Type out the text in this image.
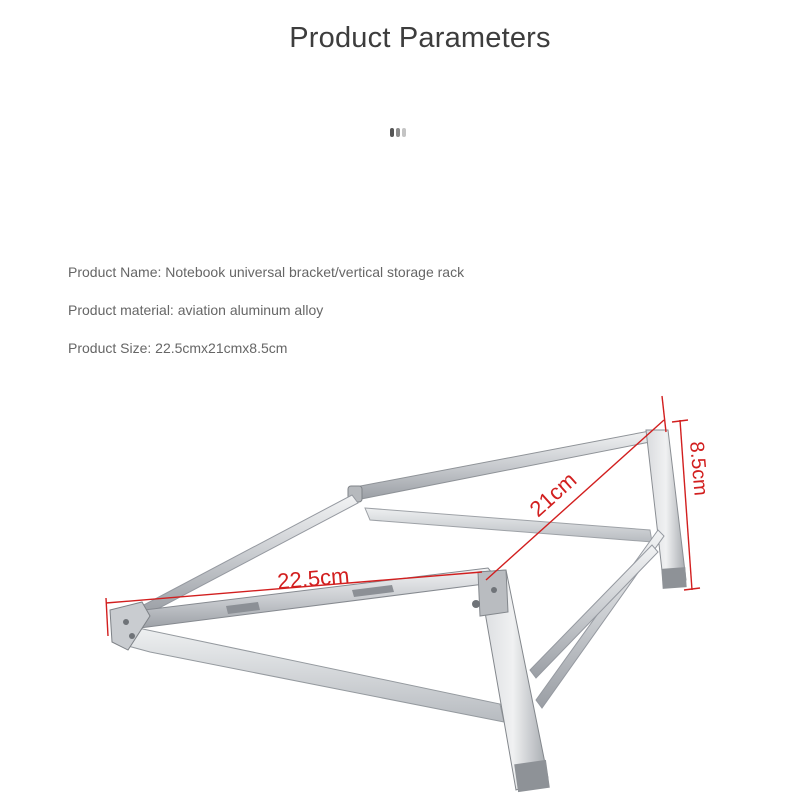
Product Parameters
Product Name: Notebook universal bracket/vertical storage rack
Product material: aviation aluminum alloy
Product Size: 22.5cmx21cmx8.5cm
22.5cm
21cm	8.5cm
